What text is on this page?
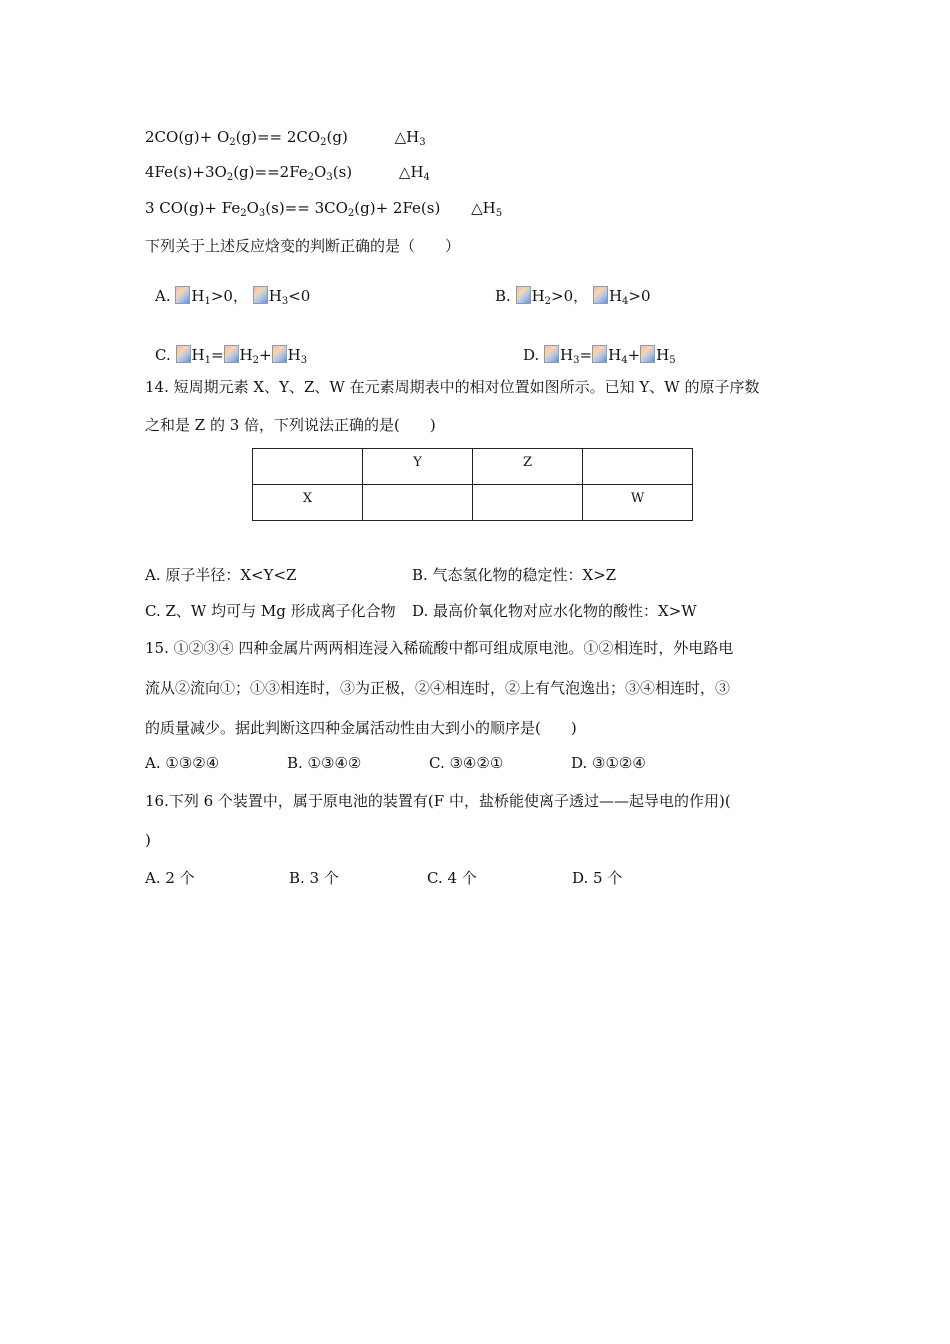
$2CO(g)+ O_2(g)== 2CO_2(g)$	$\triangle H_3$
$4Fe(s)+3O_2(g)==2Fe_2O_3(s)$	$\triangle H_4$
3 $CO(g)+ Fe_2O_3(s)== 3CO_2(g)+ 2Fe(s)$ $\triangle H_5$
下列关于上述反应焓变的判断正确的是（　　）
A. $H_1>0$， $H_3<0$	B. $H_2>0$， $H_4>0$
C. $H_1= H_2+ H_3$	D. $H_3= H_4+ H_5$
14. 短周期元素 X、Y、Z、W 在元素周期表中的相对位置如图所示。已知 Y、W 的原子序数
之和是 Z 的 3 倍，下列说法正确的是(　　)
	Y	Z	
X			W
A. 原子半径：X<Y<Z	B. 气态氢化物的稳定性：X>Z
C. Z、W 均可与 Mg 形成离子化合物 D. 最高价氧化物对应水化物的酸性：X>W
15. ①②③④ 四种金属片两两相连浸入稀硫酸中都可组成原电池。①②相连时，外电路电
流从②流向①；①③相连时，③为正极，②④相连时，②上有气泡逸出；③④相连时，③
的质量减少。据此判断这四种金属活动性由大到小的顺序是(　　)
A. ①③②④	B. ①③④②	C. ③④②①	D. ③①②④
16.下列 6 个装置中，属于原电池的装置有(F 中，盐桥能使离子透过——起导电的作用)(
)
A. 2 个	B. 3 个	C. 4 个	D. 5 个
